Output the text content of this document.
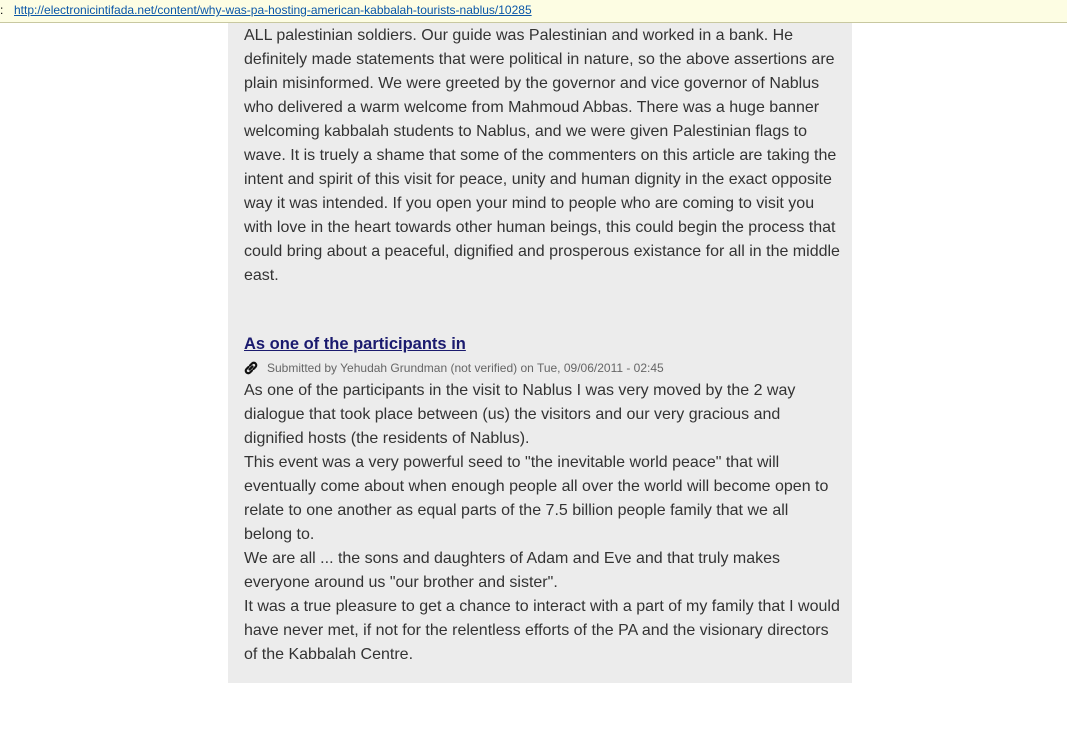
: http://electronicintifada.net/content/why-was-pa-hosting-american-kabbalah-tourists-nablus/10285

ALL palestinian soldiers. Our guide was Palestinian and worked in a bank. He definitely made statements that were political in nature, so the above assertions are plain misinformed. We were greeted by the governor and vice governor of Nablus who delivered a warm welcome from Mahmoud Abbas. There was a huge banner welcoming kabbalah students to Nablus, and we were given Palestinian flags to wave. It is truely a shame that some of the commenters on this article are taking the intent and spirit of this visit for peace, unity and human dignity in the exact opposite way it was intended. If you open your mind to people who are coming to visit you with love in the heart towards other human beings, this could begin the process that could bring about a peaceful, dignified and prosperous existance for all in the middle east.

As one of the participants in

Submitted by Yehudah Grundman (not verified) on Tue, 09/06/2011 - 02:45

As one of the participants in the visit to Nablus I was very moved by the 2 way dialogue that took place between (us) the visitors and our very gracious and dignified hosts (the residents of Nablus).

This event was a very powerful seed to "the inevitable world peace" that will eventually come about when enough people all over the world will become open to relate to one another as equal parts of the 7.5 billion people family that we all belong to.

We are all ... the sons and daughters of Adam and Eve and that truly makes everyone around us "our brother and sister".

It was a true pleasure to get a chance to interact with a part of my family that I would have never met, if not for the relentless efforts of the PA and the visionary directors of the Kabbalah Centre.
